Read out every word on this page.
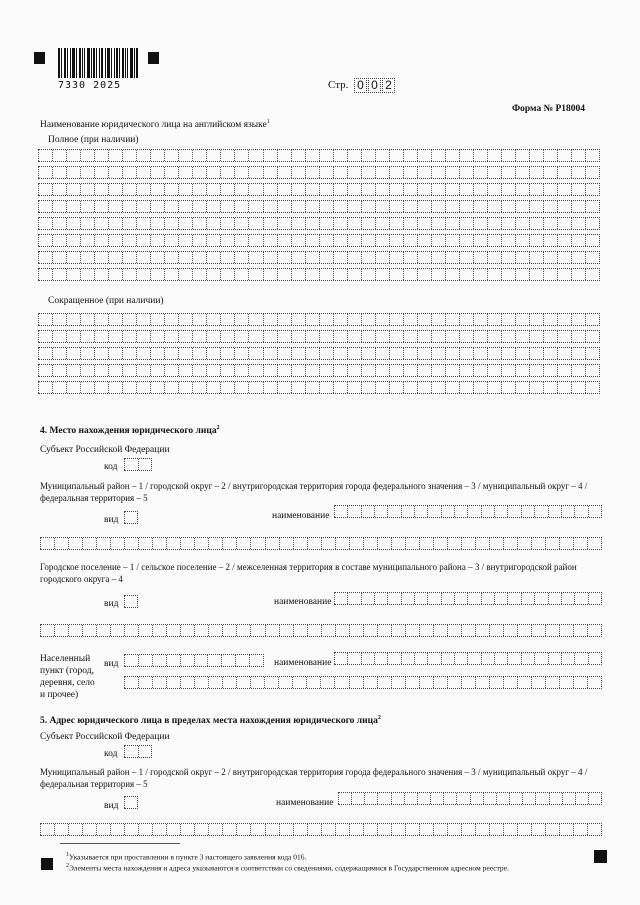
7330 2025	Стр. 0 0 2
Форма № Р18004
Наименование юридического лица на английском языке$^1$
Полное (при наличии)
Сокращенное (при наличии)
4. Место нахождения юридического лица$^2$
Субъект Российской Федерации
код
Муниципальный район – 1 / городской округ – 2 / внутригородская территория города федерального значения – 3 / муниципальный округ – 4 /
федеральная территория – 5
вид	наименование
Городское поселение – 1 / сельское поселение – 2 / межселенная территория в составе муниципального района – 3 / внутригородской район
городского округа – 4
вид	наименование
Населенный
пункт (город,
деревня, село
и прочее)
вид	наименование
5. Адрес юридического лица в пределах места нахождения юридического лица$^2$
Субъект Российской Федерации
код
Муниципальный район – 1 / городской округ – 2 / внутригородская территория города федерального значения – 3 / муниципальный округ – 4 /
федеральная территория – 5
вид	наименование
$^1$Указывается при проставлении в пункте 3 настоящего заявления кода 016.
$^2$Элементы места нахождения и адреса указываются в соответствии со сведениями, содержащимися в Государственном адресном реестре.
